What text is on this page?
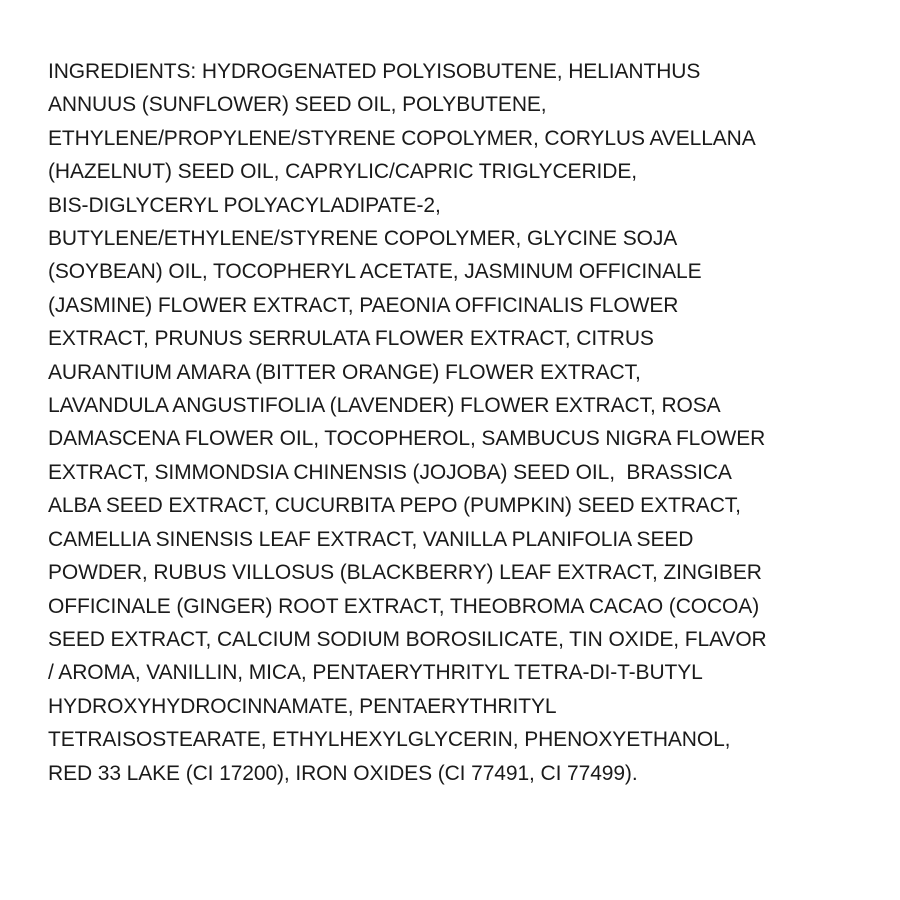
INGREDIENTS: HYDROGENATED POLYISOBUTENE, HELIANTHUS
ANNUUS (SUNFLOWER) SEED OIL, POLYBUTENE,
ETHYLENE/PROPYLENE/STYRENE COPOLYMER, CORYLUS AVELLANA
(HAZELNUT) SEED OIL, CAPRYLIC/CAPRIC TRIGLYCERIDE,
BIS-DIGLYCERYL POLYACYLADIPATE-2,
BUTYLENE/ETHYLENE/STYRENE COPOLYMER, GLYCINE SOJA
(SOYBEAN) OIL, TOCOPHERYL ACETATE, JASMINUM OFFICINALE
(JASMINE) FLOWER EXTRACT, PAEONIA OFFICINALIS FLOWER
EXTRACT, PRUNUS SERRULATA FLOWER EXTRACT, CITRUS
AURANTIUM AMARA (BITTER ORANGE) FLOWER EXTRACT,
LAVANDULA ANGUSTIFOLIA (LAVENDER) FLOWER EXTRACT, ROSA
DAMASCENA FLOWER OIL, TOCOPHEROL, SAMBUCUS NIGRA FLOWER
EXTRACT, SIMMONDSIA CHINENSIS (JOJOBA) SEED OIL,  BRASSICA
ALBA SEED EXTRACT, CUCURBITA PEPO (PUMPKIN) SEED EXTRACT,
CAMELLIA SINENSIS LEAF EXTRACT, VANILLA PLANIFOLIA SEED
POWDER, RUBUS VILLOSUS (BLACKBERRY) LEAF EXTRACT, ZINGIBER
OFFICINALE (GINGER) ROOT EXTRACT, THEOBROMA CACAO (COCOA)
SEED EXTRACT, CALCIUM SODIUM BOROSILICATE, TIN OXIDE, FLAVOR
/ AROMA, VANILLIN, MICA, PENTAERYTHRITYL TETRA-DI-T-BUTYL
HYDROXYHYDROCINNAMATE, PENTAERYTHRITYL
TETRAISOSTEARATE, ETHYLHEXYLGLYCERIN, PHENOXYETHANOL,
RED 33 LAKE (CI 17200), IRON OXIDES (CI 77491, CI 77499).
